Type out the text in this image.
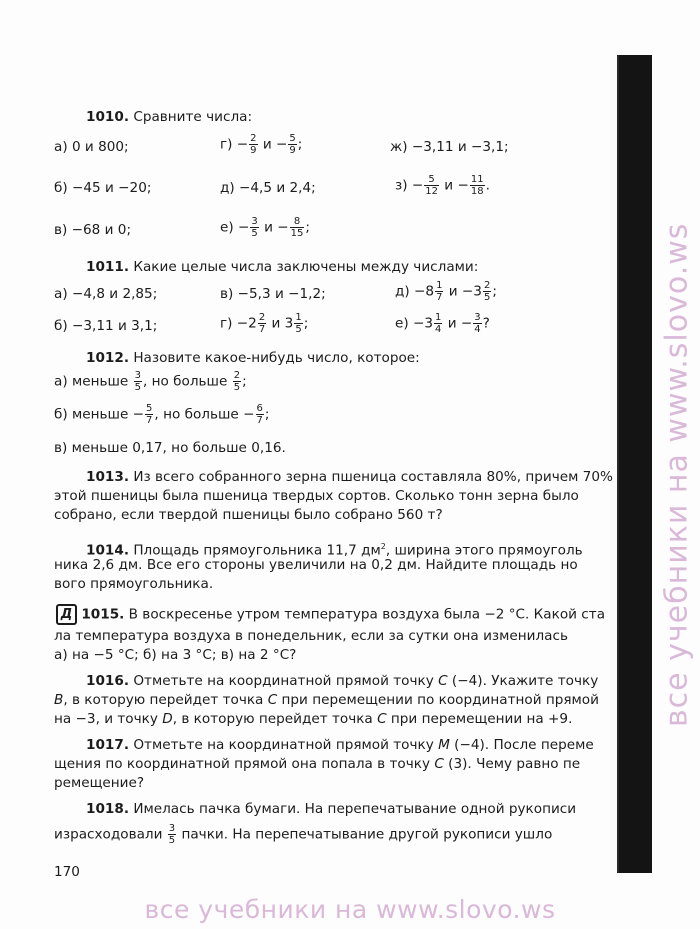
1010. Сравните числа:
а) 0 и 800;	$г) - \frac{2}{9}$ $и - \frac{5}{9}$ ;	ж) −3,11 и −3,1;
б) −45 и −20;	д) −4,5 и 2,4;	$з) - \frac{5}{12}$ $и - \frac{11}{18}$ .
в) −68 и 0;	$е) - \frac{3}{5}$ $и - \frac{8}{15}$ ;
1011. Какие целые числа заключены между числами:
а) −4,8 и 2,85;	в) −5,3 и −1,2;	$д) -8 \frac{1}{7}$ $и -3 \frac{2}{5}$ ;
б) −3,11 и 3,1;	$г) -2 \frac{2}{7}$ и $3 \frac{1}{5}$ ;	$е) -3 \frac{1}{4}$ $и - \frac{3}{4}$ ?
1012. Назовите какое-нибудь число, которое:
а) меньше $\frac{3}{5}$ , но больше $\frac{2}{5}$ ;
б) меньше − $\frac{5}{7}$ , но больше − $\frac{6}{7}$ ;
в) меньше 0,17, но больше 0,16.
1013. Из всего собранного зерна пшеница составляла 80%, причем 70%
этой пшеницы была пшеница твердых сортов. Сколько тонн зерна было
собрано, если твердой пшеницы было собрано 560 т?
1014. Площадь прямоугольника 11,7 $дм^2$, ширина этого прямоуголь
ника 2,6 дм. Все его стороны увеличили на 0,2 дм. Найдите площадь но
вого прямоугольника.
Д 1015. В воскресенье утром температура воздуха была −2 °С. Какой ста
ла температура воздуха в понедельник, если за сутки она изменилась
а) на −5 °С; б) на 3 °С; в) на 2 °С?
1016. Отметьте на координатной прямой точку C (−4). Укажите точку
B, в которую перейдет точка C при перемещении по координатной прямой
на −3, и точку D, в которую перейдет точка C при перемещении на +9.
1017. Отметьте на координатной прямой точку M (−4). После переме
щения по координатной прямой она попала в точку C (3). Чему равно пе
ремещение?
1018. Имелась пачка бумаги. На перепечатывание одной рукописи
израсходовали $\frac{3}{5}$ пачки. На перепечатывание другой рукописи ушло
170
все учебники на www.slovo.ws
все учебники на www.slovo.ws
